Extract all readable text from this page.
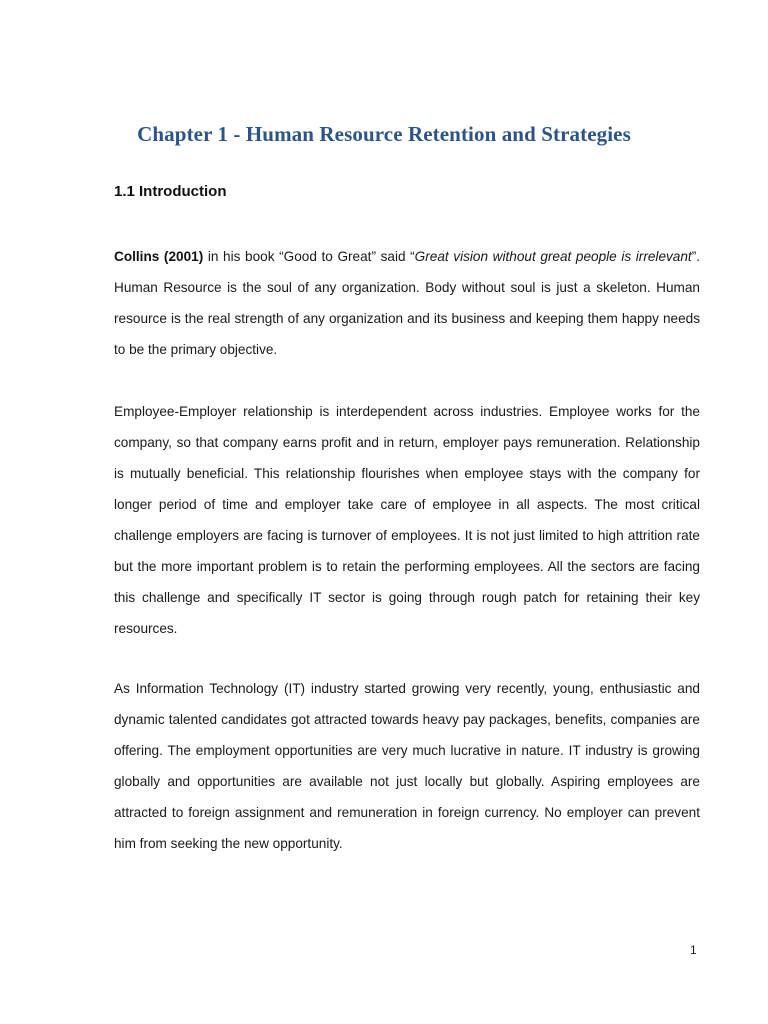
Chapter 1 - Human Resource Retention and Strategies
1.1 Introduction

Collins (2001) in his book “Good to Great” said “Great vision without great people is irrelevant”. Human Resource is the soul of any organization. Body without soul is just a skeleton. Human resource is the real strength of any organization and its business and keeping them happy needs to be the primary objective.

Employee-Employer relationship is interdependent across industries. Employee works for the company, so that company earns profit and in return, employer pays remuneration. Relationship is mutually beneficial. This relationship flourishes when employee stays with the company for longer period of time and employer take care of employee in all aspects. The most critical challenge employers are facing is turnover of employees. It is not just limited to high attrition rate but the more important problem is to retain the performing employees. All the sectors are facing this challenge and specifically IT sector is going through rough patch for retaining their key resources.

As Information Technology (IT) industry started growing very recently, young, enthusiastic and dynamic talented candidates got attracted towards heavy pay packages, benefits, companies are offering. The employment opportunities are very much lucrative in nature. IT industry is growing globally and opportunities are available not just locally but globally. Aspiring employees are attracted to foreign assignment and remuneration in foreign currency. No employer can prevent him from seeking the new opportunity.

1
